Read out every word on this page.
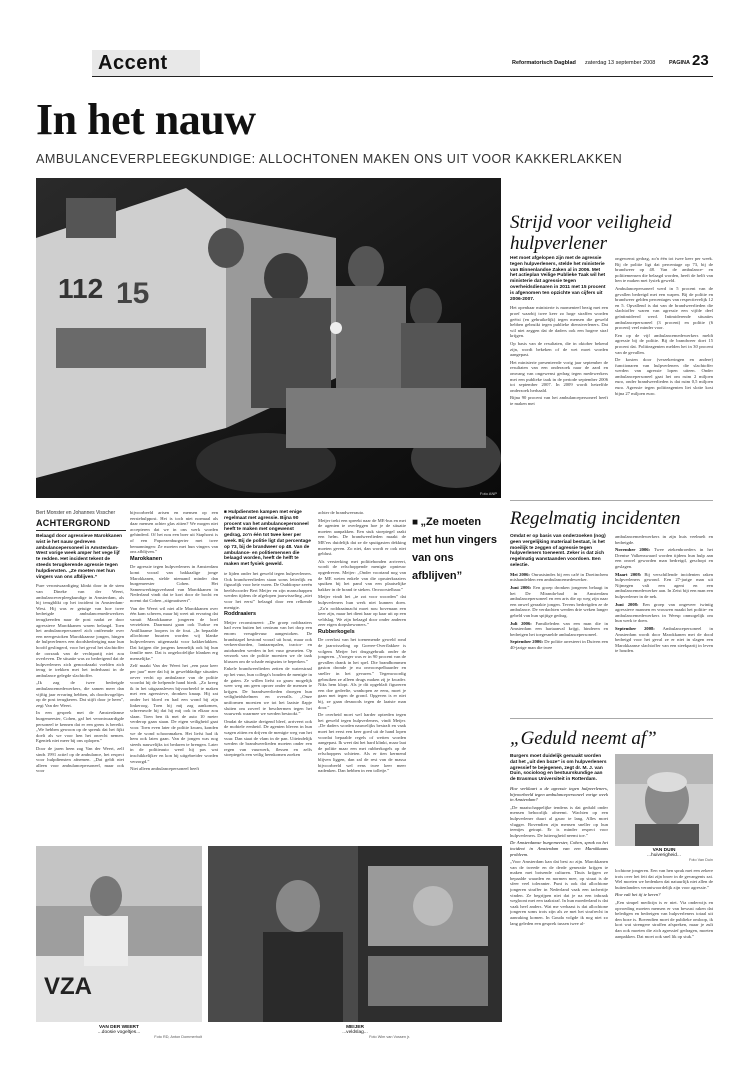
Accent	Reformatorisch Dagblad zaterdag 13 september 2008 PAGINA 23
In het nauw
AMBULANCEVERPLEEGKUNDIGE: ALLOCHTONEN MAKEN ONS UIT VOOR KAKKERLAKKEN
112 15
Foto ANP
Strijd voor veiligheid hulpverlener
Het moet afgelopen zijn met de agressie tegen hulpverleners, stelde het ministerie van Binnenlandse Zaken al in 2006. Met het actieplan Veilige Publieke Taak wil het ministerie dat agressie tegen overheidsdienaren in 2011 met 15 procent is afgenomen ten opzichte van cijfers uit 2006-2007.

Het openbaar ministerie is momenteel bezig met een proef waarbij twee keer zo hoge straffen worden geëist (en gebruikelijk) tegen mensen die geweld hebben gebruikt tegen publieke dienstverleners. Dat wil niet zeggen dat de daders ook een hogere straf krijgen.

Op basis van de resultaten, die in oktober bekend zijn, wordt bekeken of de wet moet worden aangepast.

Het ministerie presenteerde vorig jaar september de resultaten van een onderzoek naar de aard en omvang van ongewenst gedrag tegen medewerkers met een publieke taak in de periode september 2006 tot september 2007. In 2009 wordt hetzelfde onderzoek herhaald.

Bijna 90 procent van het ambulancepersoneel heeft te maken met

ongewenst gedrag, zo'n één tot twee keer per week. Bij de politie ligt dat percentage op 73, bij de brandweer op 48. Van de ambulance- en politiemensen die belaagd worden, heeft de helft van hen te maken met fysiek geweld.

Ambulancepersoneel werd in 5 procent van de gevallen bedreigd met een wapen. Bij de politie en brandweer gelden percentages van respectievelijk 12 en 5. Opvallend is dat van de brandweerlieden die slachtoffer waren van agressie een vijfde deel geïntimideerd werd. Intimiderende situaties ambulancepersoneel (3 procent) en politie (6 procent) veel minder voor.

Een op de vijf ambulancemedewerkers meldt agressie bij de politie. Bij de brandweer doet 15 procent dat. Politieagenten melden het in 30 procent van de gevallen.

De kosten door (verzekeringen en andere) functionaren van hulpverleners die slachtoffer werden van agressie lopen uiteen. Onder ambulancepersoneel gaat het om ruim 2 miljoen euro, onder brandweerlieden is dat ruim 0,5 miljoen euro. Agressie tegen politieagenten liet slotte kost bijna 27 miljoen euro.

Bert Monster en Johannes Visscher
ACHTERGROND
Belaagd door agressieve Marokkanen wist ie het nauw gedreven ambulancepersoneel in Amsterdam-West vorige week amper het vege lijf te redden. Het incident tekent de steeds terugkerende agressie tegen hulpdiensten. „Ze moeten met hun vingers van ons afblijven.”

Pure verontwaardiging klinkt door in de stem van Dineke van der Weert, ambulanceverpleegkundige in Amsterdam, als hij terugblikt op het incident in Amsterdam-West. Hij was er getuige van hoe twee bedreigde ambulancemedewerkers terugkeerden naar de post nadat ze door agressieve Marokkanen waren belaagd. Toen het ambulancepersoneel zich ontfermde over een neergestoken Marokkaanse jongen, hingen de hulpverleners een doodsbedreiging naar hun hoofd geslingerd, voor het geval het slachtoffer de oorzaak van de vechtpartij niet zou overleven. De situatie was zo bedreigend dat de hulpverleners zich genoodzaakt voelden zich terug te trekken met het inderhaast in de ambulance gelegde slachtoffer.

„Ik zag de twee bedreigde ambulancemedewerkers, die samen meer dan vijftig jaar ervaring hebben, als doodsvogeltjes op de post terugkeren. Dat stijft door je heen”, zegt Van der Weert.

In een gesprek met de Amsterdamse burgemeester, Cohen, gaf het verontwaardigde personeel te kennen dat er een grens is bereikt. „We hebben gewoon op de spreuk dat het fijkt doelt als we voor hen het onrecht nemen. Egeniek niet meer bij ons oplopen.”

Door de jaren heen zag Van der Weert, zelf sinds 1991 actief op de ambulance, het respect voor hulpdiensten afnemen. „Dat geldt niet alleen voor ambulancepersoneel, maar ook voor

bijvoorbeeld artsen en mensen op een eerstehulppost. Het is toch niet normaal als daar mensen achter glas zitten? We mogen niet accepteren dat we in ons werk worden gehinderd. Of het nou een boer uit Staphorst is of een Papoeaenburgerter met twee bemanningen: Ze moeten met hun vingers van ons afblijven.”

Marokkanen

De agressie tegen hulpverleners in Amsterdam komt vooral van bakkaalige jonge Marokkanen, stelde niemand minder dan burgemeester Cohen. Het Samenwerkingsverband van Marokkanen in Nederland vindt dat te kort door de bocht en noemt dat Cohen „stigmatiseert”.

Van der Weert wil niet alle Marokkanen over één kam scheren, maar hij weet uit ervaring dat vanuit Marokkaanse jongeren de boel verziekten. Daarnaast gaan ook Turkse en Antilliaanse loopers in de fout. „In bepaalde allochtone buurten worden wij blanke hulpverleners uitgemaakt voor kakkerlakken. Dat krijgen die jongens kennelijk ook bij hun familie mee. Dat is ongeloofelijke blanken erg menselijke.”

Zelf maakt Van der Weert het „een paar keer per jaar” mee dat hij in gewelddadige situaties oever vecht op ambulance van de politie voordat hij de helpende hand biedt. „Zo kreeg ik in het uitgaansleven bijvoorbeeld te maken met een agressieve, dronken knaap. Hij zat onder het bloed en had een wond bij zijn linkeroog. Toen hij mij zag aankomen, schreeuwde hij dat hij mij ook in elkaar zou slaan. Toen ben ik met de auto 10 meter verderop gaan staan. De eigen veiligheid gaat voor. Toen even later de politie kwam, konden we de wond schoonmaken. Het liefst had ik hem ook laten gaan. Van de jongen was nog steeds nauwelijks tot bedaren te brengen. Later in de politieauto werd hij pas wat inschikkelijker en kon hij uitgebreider worden verzorgd.”

Niet alleen ambulancepersoneel heeft

■ Hulpdiensten kampen met enige regelmaat met agressie. Bijna 90 procent van het ambulancepersoneel heeft te maken met ongewenst gedrag, zo'n één tot twee keer per week. Bij de politie ligt dat percentage op 73, bij de brandweer op 48. Van de ambulance- en politiemensen die belaagd worden, heeft de helft te maken met fysiek geweld.

te lijden onder het geweld tegen hulpverleners. Ook brandweerlieden staan soms letterlijk en figuurlijk voor hete vuren. De Ouddorpse zeeën beeldvoorder Bert Meijer en zijn manschappen werden tijdens de afgelopen jaarwisseling „niet voor het eerst” belaagd door een relkende menigte.

Roddraaiers

Meijer reconstrueert: „De groep roddraaiers had even buiten het centrum van het dorp een enorm vreugdevuur aangestoken. De brandstapel bestond vooral uit hout, maar ook verkeersborden, lantaarnpalen, tractor- en autobanden werden in het vuur gesmeten. Op verzoek van de politie moesten we de taak blussen om de schade enigszins te beperken.”

Enkele brandweerlieden zetten de waterstraal op het vuur, hun collega's bouden de menigte in de gaten. Ze willen liefst zo gauw mogelijk weer weg om geen oproer onder de mensen te krijgen. De brandweerlieden droegen hun veiligheidshelmen en overalls. „Onze uniformen moesten we tot het laatste flapje sluiten om zoveel te beschermen tegen het vuurwerk waarmee we werden bestookt.”

Omdat de situatie dreigend bleef, arriveert ook de mobiele eenheid. De agenten bleven in hun wagen zitten en drijven de menigte weg van het vuur. Dan staat de vlam in de pan. Uiteindelijk werden de brandweerlieden moeten onder een regen van vuurwerk, flessen en zelfs stoeptegels een veilig heenkomen zoeken

achter de brandweerauto.

Meijer trekt een spreekt naar de ME-bus en met de agenten te overleggen hoe je de situatie moeten aanpakken. Een stuk stoeptegel raakt een helm. De brandweerlieden maakt de ME'ers duidelijk dat ze de spuitgasten dekking moeten geven. Zo niet, dan wordt er ook niet geblust.

Als versterking met politiehonden arriveert, wordt de relschoppende menigte opnieuw opgedreven. Meijer: „Onder voortand nog van de ME weten enkele van die opruierkraaiers spuiken bij het pand van een plaatselijke bakker in de brand te steken. Onvoorstelbaar.”

Meijer vindt het „te zot voor woorden” dat hulpverleners hun werk niet kunnen doen. „Zo'n roddraaimacht moet nou bovenaan een keer zijn, maar het dient haar op kaar uit op een veldslag. We zijn belaagd door onder anderen zeer eigen dorpsbewoners.”

Rubberkogels

De overlast van het toenemende geweld rond de jaarwisseling op Goeree-Overflakkee is volgens Meijer het drugsgebruik onder de jongeren. „Vroeger was er in 90 procent van de gevallen drank in het spel. Die brandbommen gaston dronde je nu onvoorspelbaarder en sneller in het gevaren.” Tegenwoordig gebruiken ze alleen drugs maken zij je kwader. Niks hem klopt. Als je dit opgeblaft figureren een doe gedeelte, wanhopen ze eens, moet je gaan met tegen de grond. Opgeven is er niet bij, ze gaan desnoods tegen de laatste man door.”

De overheid moet wel harder optreden tegen het geweld tegen hulpverleners, vindt Meijer. „De daders worden nauwelijks bestraft en vaak moet het eerst een keer goed uit de hand lopen voordat bepaalde regels of wetten worden aangepast. Ik weet dat het hard klinkt, maar laat de politie maar een met rubberkogels op de relschoppers schieten. Als er tien kermend blijven liggen, dan zal de rest van de massa bijvoorbeeld wel eens twee keer meer nadenken. Dan hebben in een tolletje.”

■ „Ze moeten met hun vingers van ons afblijven”
Regelmatig incidenten
Omdat er op basis van onderzoeken (nog) geen vergelijking materiaal bestaat, is het moeilijk te zeggen of agressie tegen hulpverleners toeneemt. Zeker is dat zich regelmatig wanstaanden voordoen. Een selectie.

Mei 2006: Onrustsindes bij een café in Doetinchem mishandelden een ambulancemedewerker.

Juni 2006: Een groep dronken jongeren belaagt in het De Miranda-bad in Amsterdam ambulancepersoneel en een arts die op weg zijn naar een onwel geraakte jongen. Tevens bedreigden ze de ambulance. De verdachten werden drie weken langer gebeld van hun spijtige gedrag.

Juli 2006: Familieleden van een man die in Amsterdam een hartaanval krijgt, hinderen en bedreigen het toegesnelde ambulancepersoneel.

September 2006: De politie arresteert in Duiven een 40-jarige man die twee

ambulancemedewerkers in zijn huis veelmelt en bedreigde.

November 2006: Twee ziekenbroeders in het Drentse Valkenswaard worden tijdens hun hulp aan een onwel geworden man bedreigd, geschopt en geslagen.

Maart 2008: Bij verschillende incidenten raken hulpverleners gewond. Een 27-jarige man uit Nijmegen valt een agent en een ambulancemedewerker aan. In Zeist bijt een man een hulpverlener in de nek.

Juni 2008: Een groep van ongeveer twintig agressieve mannen en vrouwen maakt het politie- en ambulancemedewerkers in Weesp onmogelijk om hun werk te doen.

September 2008: Ambulancepersoneel in Amsterdam wordt door Marokkanen met de dood bedreigd voor het geval ze er niet in slagen een Marokkaanse slachtoffer van een steekpartij in leven te houden.

„Geduld neemt af”
Burgers moet duidelijk gemaakt worden dat het „uit den boze” is om hulpverleners agressief te bejegenen, zegt dr. M. J. van Duin, socioloog en bestuurskundige aan de Erasmus Universiteit in Rotterdam.

Hoe verklaart u de agressie tegen hulpverleners, bijvoorbeeld tegen ambulancepersoneel vorige week in Amsterdam?

„De maatschappelijke tendens is dat geduld onder mensen behoorlijk afneemt. Wachten op een hulpverlener duurt al gauw te lang. Alles moet vlugger. Bovendien zijn mensen sneller op hun teentjes getrapt. Er is minder respect voor hulpverleners. De luttersgheid neemt toe.”

De Amsterdamse burgemeester, Cohen, sprak na het incident in Amsterdam van een Marokkaans probleem.

„Voor Amsterdam kan dat best zo zijn. Marokkanen van de tweede en de derde generatie krijgen te maken met botsende culturen. Thuis krijgen ze bepaalde waarden en normen mee, op straat is de sfeer veel toleranter. Punt is ook dat allochtone jongeren straffer in Nederland vaak een tachertije vinden. Ze begrijpen niet dat je na een inbraak wegloont met een taakstraf. In hun moederland is dat vaak heel anders. Wat me verbaast is dat allochtone jongeren soms trots zijn als ze met het strafrecht in aanraking komen. In Gouda volgde ik nog niet zo lang geleden een gesprek tussen twee al-

VAN DUIN
...huiverigheid...
Foto Van Duin

lochtone jongeren. Een van hen sprak met een zekere trots over het feit dat zijn broer in de gevangenis zat. Wel moeten we bedenken dat natuurlijk niet allen de buitenlanders verantwoordelijk zijn voor agressie.”

Hoe valt het tij te keren?

„Een simpel medicijn is er niet. Via onderwijs en opvoeding moeten mensen er van bewust raken dat beledigen en bedreigen van hulpverleners totaal uit den boze is. Bovendien moet de publieke omloop, ik kort wat strengere straffen afspreken, maar je zult dan ook moeten die zich agressief gedragen, moeten aanpakken. Dat moet ook snel lik op stuk.”

VZA
VAN DER WEERT
...doosie vogeltjes...
Foto RD, Anton Dommerholt
MEIJER
...veldslag...
Foto Wim van Vossen jr.
